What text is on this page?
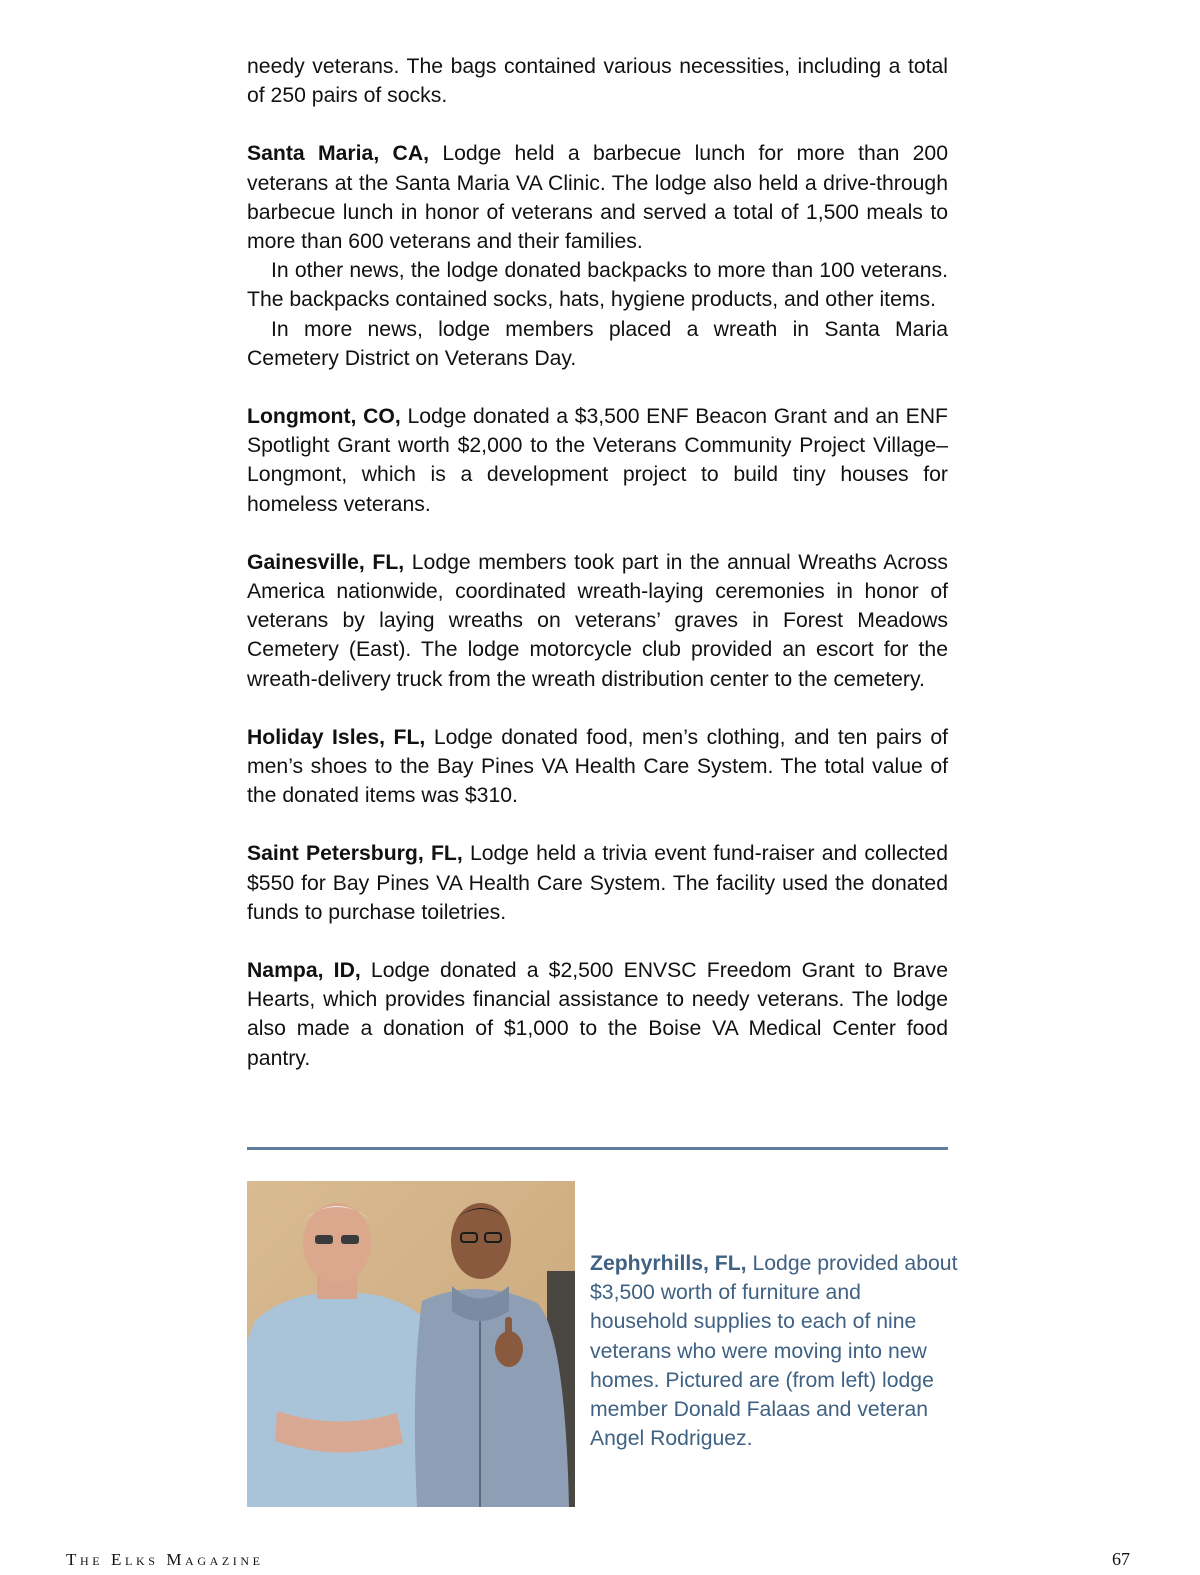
needy veterans. The bags contained various necessities, including a total of 250 pairs of socks.

Santa Maria, CA, Lodge held a barbecue lunch for more than 200 veterans at the Santa Maria VA Clinic. The lodge also held a drive-through barbecue lunch in honor of veterans and served a total of 1,500 meals to more than 600 veterans and their families.

In other news, the lodge donated backpacks to more than 100 veterans. The backpacks contained socks, hats, hygiene products, and other items.

In more news, lodge members placed a wreath in Santa Maria Cemetery District on Veterans Day.

Longmont, CO, Lodge donated a $3,500 ENF Beacon Grant and an ENF Spotlight Grant worth $2,000 to the Veterans Community Project Village–Longmont, which is a development project to build tiny houses for homeless veterans.

Gainesville, FL, Lodge members took part in the annual Wreaths Across America nationwide, coordinated wreath-laying ceremonies in honor of veterans by laying wreaths on veterans’ graves in Forest Meadows Cemetery (East). The lodge motorcycle club provided an escort for the wreath-delivery truck from the wreath distribution center to the cemetery.

Holiday Isles, FL, Lodge donated food, men’s clothing, and ten pairs of men’s shoes to the Bay Pines VA Health Care System. The total value of the donated items was $310.

Saint Petersburg, FL, Lodge held a trivia event fund-raiser and collected $550 for Bay Pines VA Health Care System. The facility used the donated funds to purchase toiletries.

Nampa, ID, Lodge donated a $2,500 ENVSC Freedom Grant to Brave Hearts, which provides financial assistance to needy veterans. The lodge also made a donation of $1,000 to the Boise VA Medical Center food pantry.

Zephyrhills, FL, Lodge provided about $3,500 worth of furniture and household supplies to each of nine veterans who were moving into new homes. Pictured are (from left) lodge member Donald Falaas and veteran Angel Rodriguez.
The Elks Magazine	67
